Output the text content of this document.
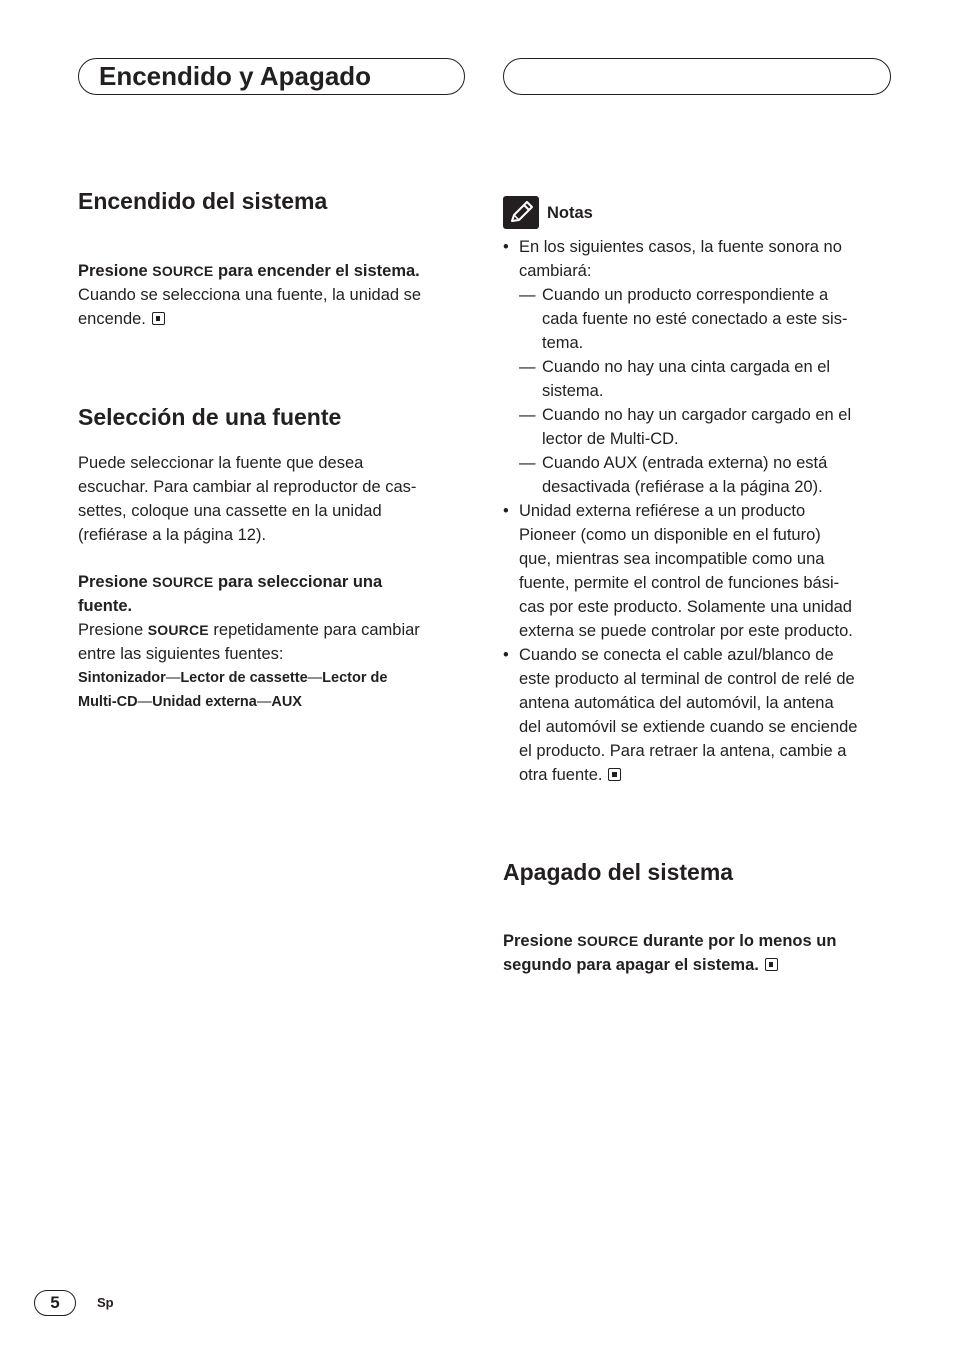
Encendido y Apagado
Encendido del sistema
Presione SOURCE para encender el sistema.
Cuando se selecciona una fuente, la unidad se encende.
Selección de una fuente
Puede seleccionar la fuente que desea
escuchar. Para cambiar al reproductor de cas-
settes, coloque una cassette en la unidad
(refiérase a la página 12).
Presione SOURCE para seleccionar una
fuente.
Presione SOURCE repetidamente para cambiar
entre las siguientes fuentes:
Sintonizador—Lector de cassette—Lector de
Multi-CD—Unidad externa—AUX
Notas
• En los siguientes casos, la fuente sonora no
cambiará:
— Cuando un producto correspondiente a
cada fuente no esté conectado a este sis-
tema.
— Cuando no hay una cinta cargada en el
sistema.
— Cuando no hay un cargador cargado en el
lector de Multi-CD.
— Cuando AUX (entrada externa) no está
desactivada (refiérase a la página 20).
• Unidad externa refiérese a un producto
Pioneer (como un disponible en el futuro)
que, mientras sea incompatible como una
fuente, permite el control de funciones bási-
cas por este producto. Solamente una unidad
externa se puede controlar por este producto.
• Cuando se conecta el cable azul/blanco de
este producto al terminal de control de relé de
antena automática del automóvil, la antena
del automóvil se extiende cuando se enciende
el producto. Para retraer la antena, cambie a
otra fuente.
Apagado del sistema
Presione SOURCE durante por lo menos un
segundo para apagar el sistema.
5	Sp
